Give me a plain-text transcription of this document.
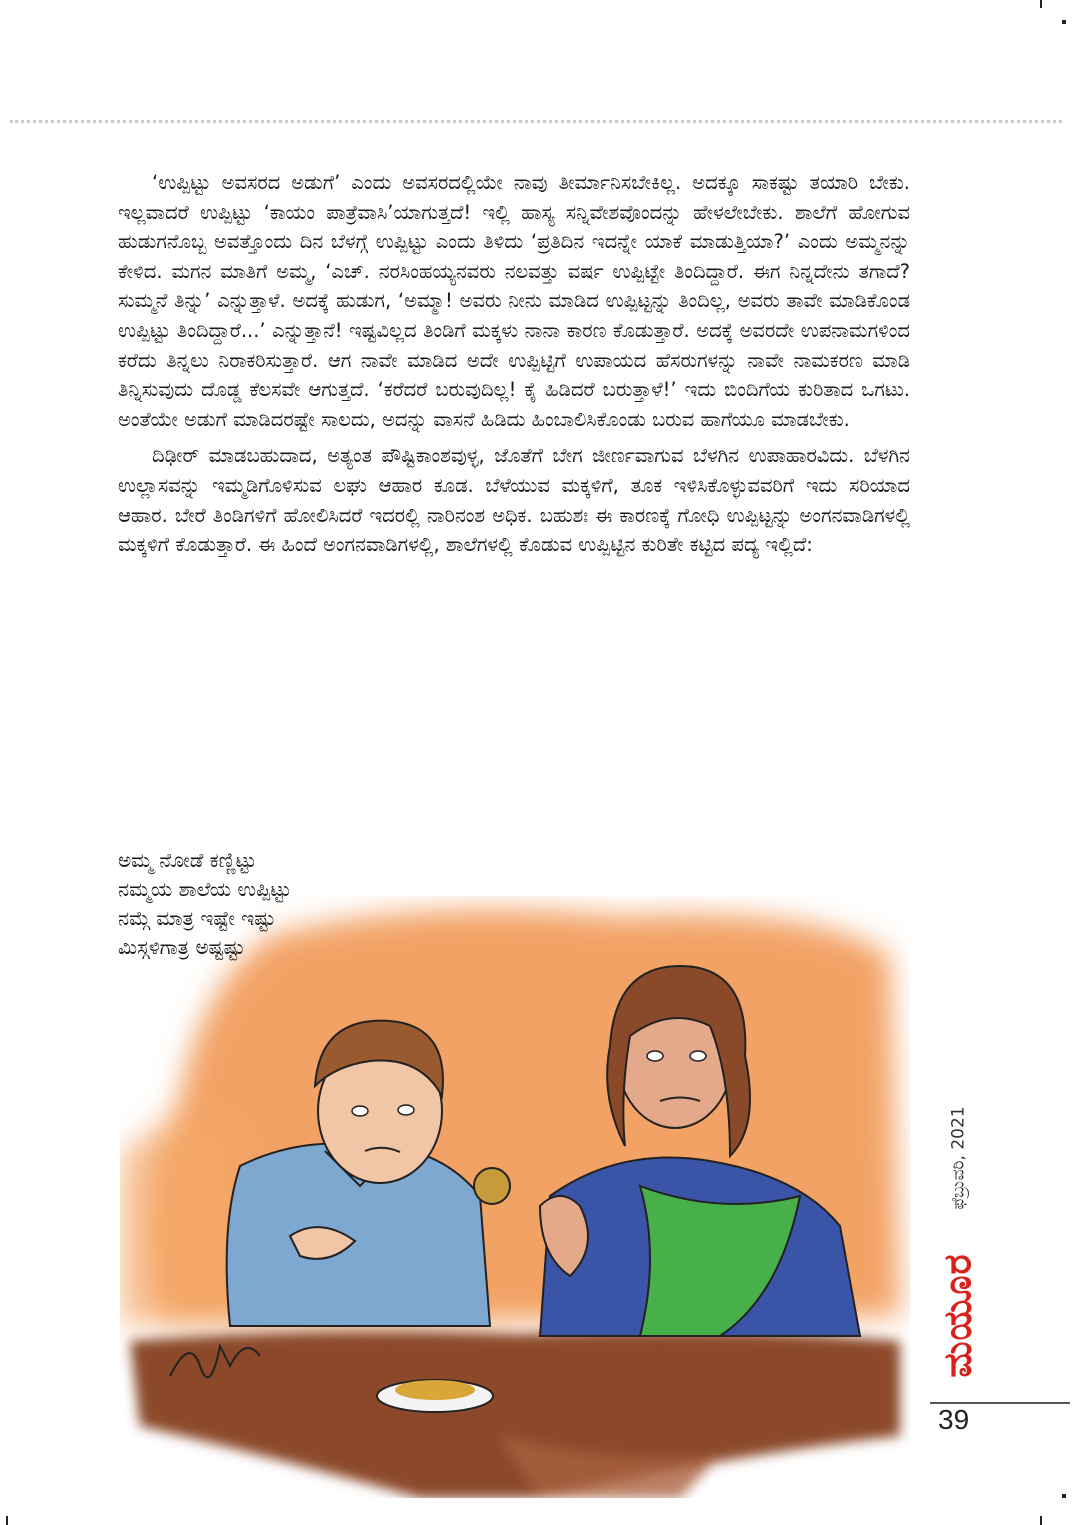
‘ಉಪ್ಪಿಟ್ಟು ಅವಸರದ ಅಡುಗೆ’ ಎಂದು ಅವಸರದಲ್ಲಿಯೇ ನಾವು ತೀರ್ಮಾನಿಸಬೇಕಿಲ್ಲ. ಅದಕ್ಕೂ ಸಾಕಷ್ಟು ತಯಾರಿ ಬೇಕು. ಇಲ್ಲವಾದರೆ ಉಪ್ಪಿಟ್ಟು ‘ಕಾಯಂ ಪಾತ್ರೆವಾಸಿ’ಯಾಗುತ್ತದೆ! ಇಲ್ಲಿ ಹಾಸ್ಯ ಸನ್ನಿವೇಶವೊಂದನ್ನು ಹೇಳಲೇಬೇಕು. ಶಾಲೆಗೆ ಹೋಗುವ ಹುಡುಗನೊಬ್ಬ ಅವತ್ತೊಂದು ದಿನ ಬೆಳಗ್ಗೆ ಉಪ್ಪಿಟ್ಟು ಎಂದು ತಿಳಿದು ‘ಪ್ರತಿದಿನ ಇದನ್ನೇ ಯಾಕೆ ಮಾಡುತ್ತಿಯಾ?’ ಎಂದು ಅಮ್ಮನನ್ನು ಕೇಳಿದ. ಮಗನ ಮಾತಿಗೆ ಅಮ್ಮ, ‘ಎಚ್. ನರಸಿಂಹಯ್ಯನವರು ನಲವತ್ತು ವರ್ಷ ಉಪ್ಪಿಟ್ಟೇ ತಿಂದಿದ್ದಾರೆ. ಈಗ ನಿನ್ನದೇನು ತಗಾದೆ? ಸುಮ್ಮನೆ ತಿನ್ನು’ ಎನ್ನುತ್ತಾಳೆ. ಅದಕ್ಕೆ ಹುಡುಗ, ‘ಅಮ್ಮಾ! ಅವರು ನೀನು ಮಾಡಿದ ಉಪ್ಪಿಟ್ಟನ್ನು ತಿಂದಿಲ್ಲ, ಅವರು ತಾವೇ ಮಾಡಿಕೊಂಡ ಉಪ್ಪಿಟ್ಟು ತಿಂದಿದ್ದಾರೆ...’ ಎನ್ನುತ್ತಾನೆ! ಇಷ್ಟವಿಲ್ಲದ ತಿಂಡಿಗೆ ಮಕ್ಕಳು ನಾನಾ ಕಾರಣ ಕೊಡುತ್ತಾರೆ. ಅದಕ್ಕೆ ಅವರದೇ ಉಪನಾಮಗಳಿಂದ ಕರೆದು ತಿನ್ನಲು ನಿರಾಕರಿಸುತ್ತಾರೆ. ಆಗ ನಾವೇ ಮಾಡಿದ ಅದೇ ಉಪ್ಪಿಟ್ಟಿಗೆ ಉಪಾಯದ ಹೆಸರುಗಳನ್ನು ನಾವೇ ನಾಮಕರಣ ಮಾಡಿ ತಿನ್ನಿಸುವುದು ದೊಡ್ಡ ಕೆಲಸವೇ ಆಗುತ್ತದೆ. ‘ಕರೆದರೆ ಬರುವುದಿಲ್ಲ! ಕೈ ಹಿಡಿದರೆ ಬರುತ್ತಾಳೆ!’ ಇದು ಬಿಂದಿಗೆಯ ಕುರಿತಾದ ಒಗಟು. ಅಂತೆಯೇ ಅಡುಗೆ ಮಾಡಿದರಷ್ಟೇ ಸಾಲದು, ಅದನ್ನು ವಾಸನೆ ಹಿಡಿದು ಹಿಂಬಾಲಿಸಿಕೊಂಡು ಬರುವ ಹಾಗೆಯೂ ಮಾಡಬೇಕು.

ದಿಢೀರ್ ಮಾಡಬಹುದಾದ, ಅತ್ಯಂತ ಪೌಷ್ಟಿಕಾಂಶವುಳ್ಳ, ಜೊತೆಗೆ ಬೇಗ ಜೀರ್ಣವಾಗುವ ಬೆಳಗಿನ ಉಪಾಹಾರವಿದು. ಬೆಳಗಿನ ಉಲ್ಲಾಸವನ್ನು ಇಮ್ಮಡಿಗೊಳಿಸುವ ಲಘು ಆಹಾರ ಕೂಡ. ಬೆಳೆಯುವ ಮಕ್ಕಳಿಗೆ, ತೂಕ ಇಳಿಸಿಕೊಳ್ಳುವವರಿಗೆ ಇದು ಸರಿಯಾದ ಆಹಾರ. ಬೇರೆ ತಿಂಡಿಗಳಿಗೆ ಹೋಲಿಸಿದರೆ ಇದರಲ್ಲಿ ನಾರಿನಂಶ ಅಧಿಕ. ಬಹುಶಃ ಈ ಕಾರಣಕ್ಕೆ ಗೋಧಿ ಉಪ್ಪಿಟ್ಟನ್ನು ಅಂಗನವಾಡಿಗಳಲ್ಲಿ ಮಕ್ಕಳಿಗೆ ಕೊಡುತ್ತಾರೆ. ಈ ಹಿಂದೆ ಅಂಗನವಾಡಿಗಳಲ್ಲಿ, ಶಾಲೆಗಳಲ್ಲಿ ಕೊಡುವ ಉಪ್ಪಿಟ್ಟಿನ ಕುರಿತೇ ಕಟ್ಟಿದ ಪದ್ಯ ಇಲ್ಲಿದೆ:

ಅಮ್ಮ ನೋಡೆ ಕಣ್ಣಿಟ್ಟು
ನಮ್ಮಯ ಶಾಲೆಯ ಉಪ್ಪಿಟ್ಟು
ನಮ್ಗೆ ಮಾತ್ರ ಇಷ್ಟೇ ಇಷ್ಟು
ಮಿಸ್ಗಳಿಗಾತ್ರ ಅಷ್ಟಷ್ಟು
ಫೆಬ್ರುವರಿ, 2021
ಮಯೂರ
39
